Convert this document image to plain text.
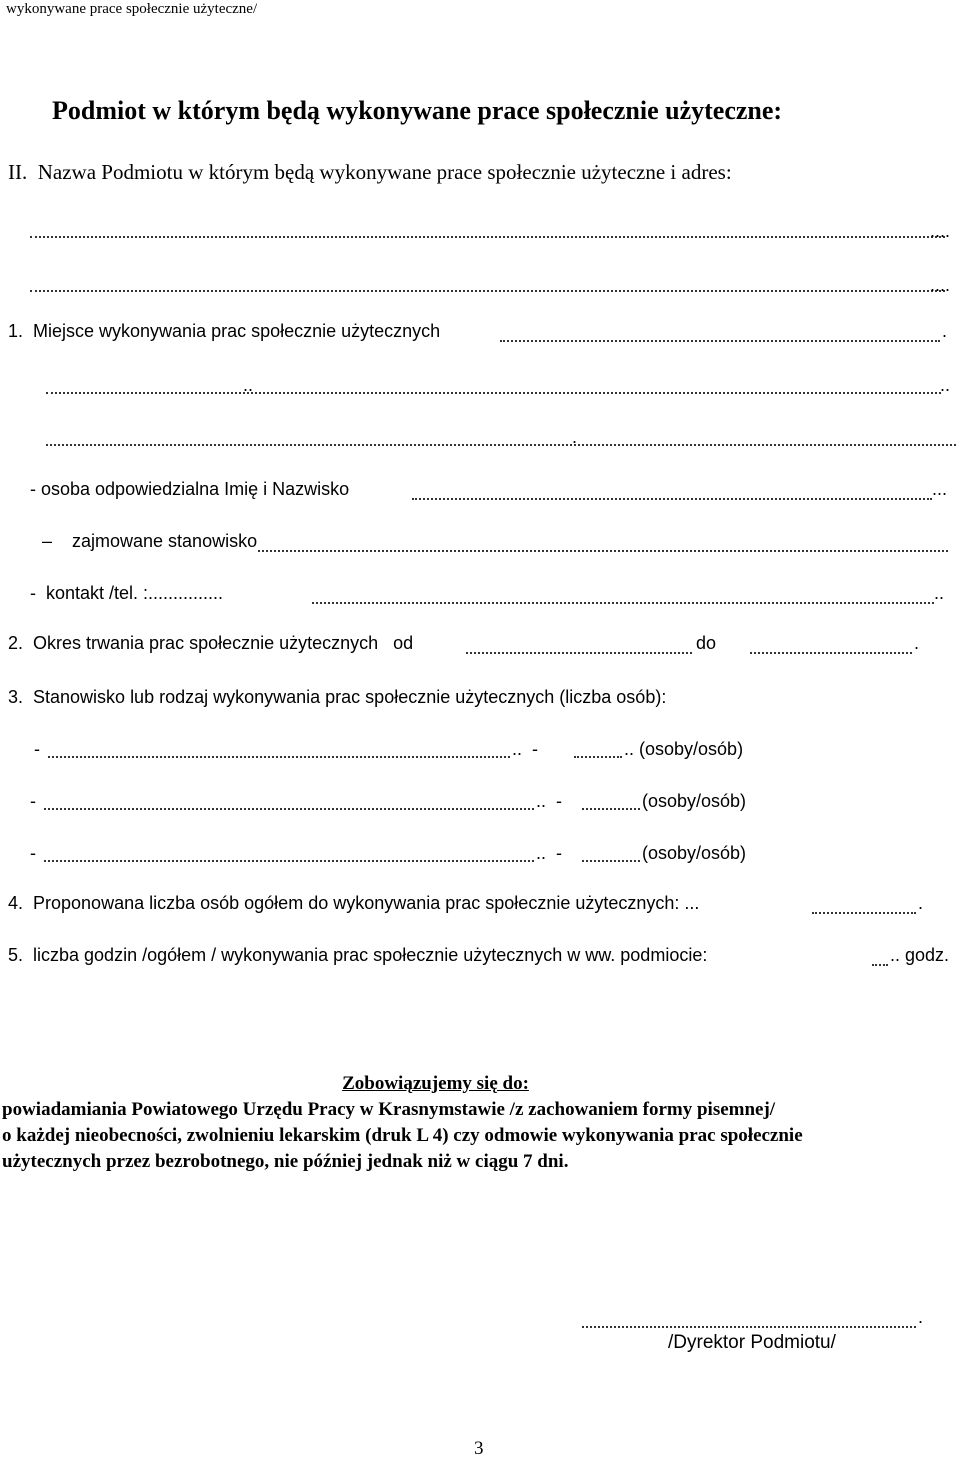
wykonywane prace społecznie użyteczne/
Podmiot w którym będą wykonywane prace społecznie użyteczne:
II.  Nazwa Podmiotu w którym będą wykonywane prace społecznie użyteczne i adres:
....
....
1.  Miejsce wykonywania prac społecznie użytecznych	.
..	..
.
- osoba odpowiedzialna Imię i Nazwisko	...
– zajmowane stanowisko
-  kontakt /tel. :...............	..
2.  Okres trwania prac społecznie użytecznych   od	do	.
3.  Stanowisko lub rodzaj wykonywania prac społecznie użytecznych (liczba osób):
-	..  -	.. (osoby/osób)
-	..  -	(osoby/osób)
-	..  -	(osoby/osób)
4.  Proponowana liczba osób ogółem do wykonywania prac społecznie użytecznych: ...	.
5.  liczba godzin /ogółem / wykonywania prac społecznie użytecznych w ww. podmiocie:	.. godz.

Zobowiązujemy się do:

powiadamiania Powiatowego Urzędu Pracy w Krasnymstawie /z zachowaniem formy pisemnej/
o każdej nieobecności, zwolnieniu lekarskim (druk L 4) czy odmowie wykonywania prac społecznie
użytecznych przez bezrobotnego, nie później jednak niż w ciągu 7 dni.
.
/Dyrektor Podmiotu/
3
